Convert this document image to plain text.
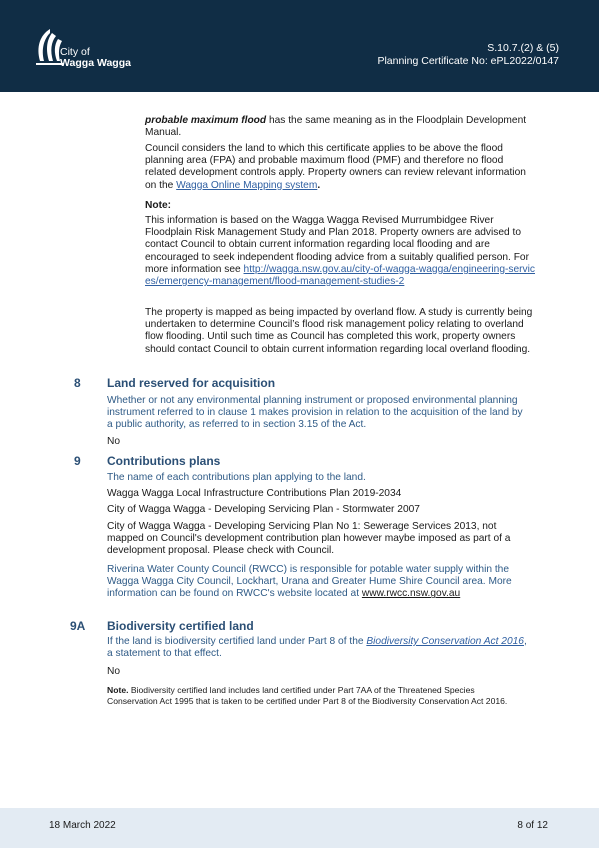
City of
Wagga Wagga
S.10.7.(2) & (5)
Planning Certificate No: ePL2022/0147

probable maximum flood has the same meaning as in the Floodplain Development Manual.

Council considers the land to which this certificate applies to be above the flood planning area (FPA) and probable maximum flood (PMF) and therefore no flood related development controls apply. Property owners can review relevant information on the Wagga Online Mapping system.

Note:

This information is based on the Wagga Wagga Revised Murrumbidgee River Floodplain Risk Management Study and Plan 2018. Property owners are advised to contact Council to obtain current information regarding local flooding and are encouraged to seek independent flooding advice from a suitably qualified person. For more information see http://wagga.nsw.gov.au/city-of-wagga-wagga/engineering-services/emergency-management/flood-management-studies-2

The property is mapped as being impacted by overland flow. A study is currently being undertaken to determine Council’s flood risk management policy relating to overland flow flooding. Until such time as Council has completed this work, property owners should contact Council to obtain current information regarding local overland flooding.

8 Land reserved for acquisition

Whether or not any environmental planning instrument or proposed environmental planning instrument referred to in clause 1 makes provision in relation to the acquisition of the land by a public authority, as referred to in section 3.15 of the Act.

No

9 Contributions plans

The name of each contributions plan applying to the land.

Wagga Wagga Local Infrastructure Contributions Plan 2019-2034

City of Wagga Wagga - Developing Servicing Plan - Stormwater 2007

City of Wagga Wagga - Developing Servicing Plan No 1: Sewerage Services 2013, not mapped on Council's development contribution plan however maybe imposed as part of a development proposal. Please check with Council.

Riverina Water County Council (RWCC) is responsible for potable water supply within the Wagga Wagga City Council, Lockhart, Urana and Greater Hume Shire Council area. More information can be found on RWCC's website located at www.rwcc.nsw.gov.au

9A Biodiversity certified land

If the land is biodiversity certified land under Part 8 of the Biodiversity Conservation Act 2016, a statement to that effect.

No

Note. Biodiversity certified land includes land certified under Part 7AA of the Threatened Species Conservation Act 1995 that is taken to be certified under Part 8 of the Biodiversity Conservation Act 2016.

18 March 2022	8 of 12
